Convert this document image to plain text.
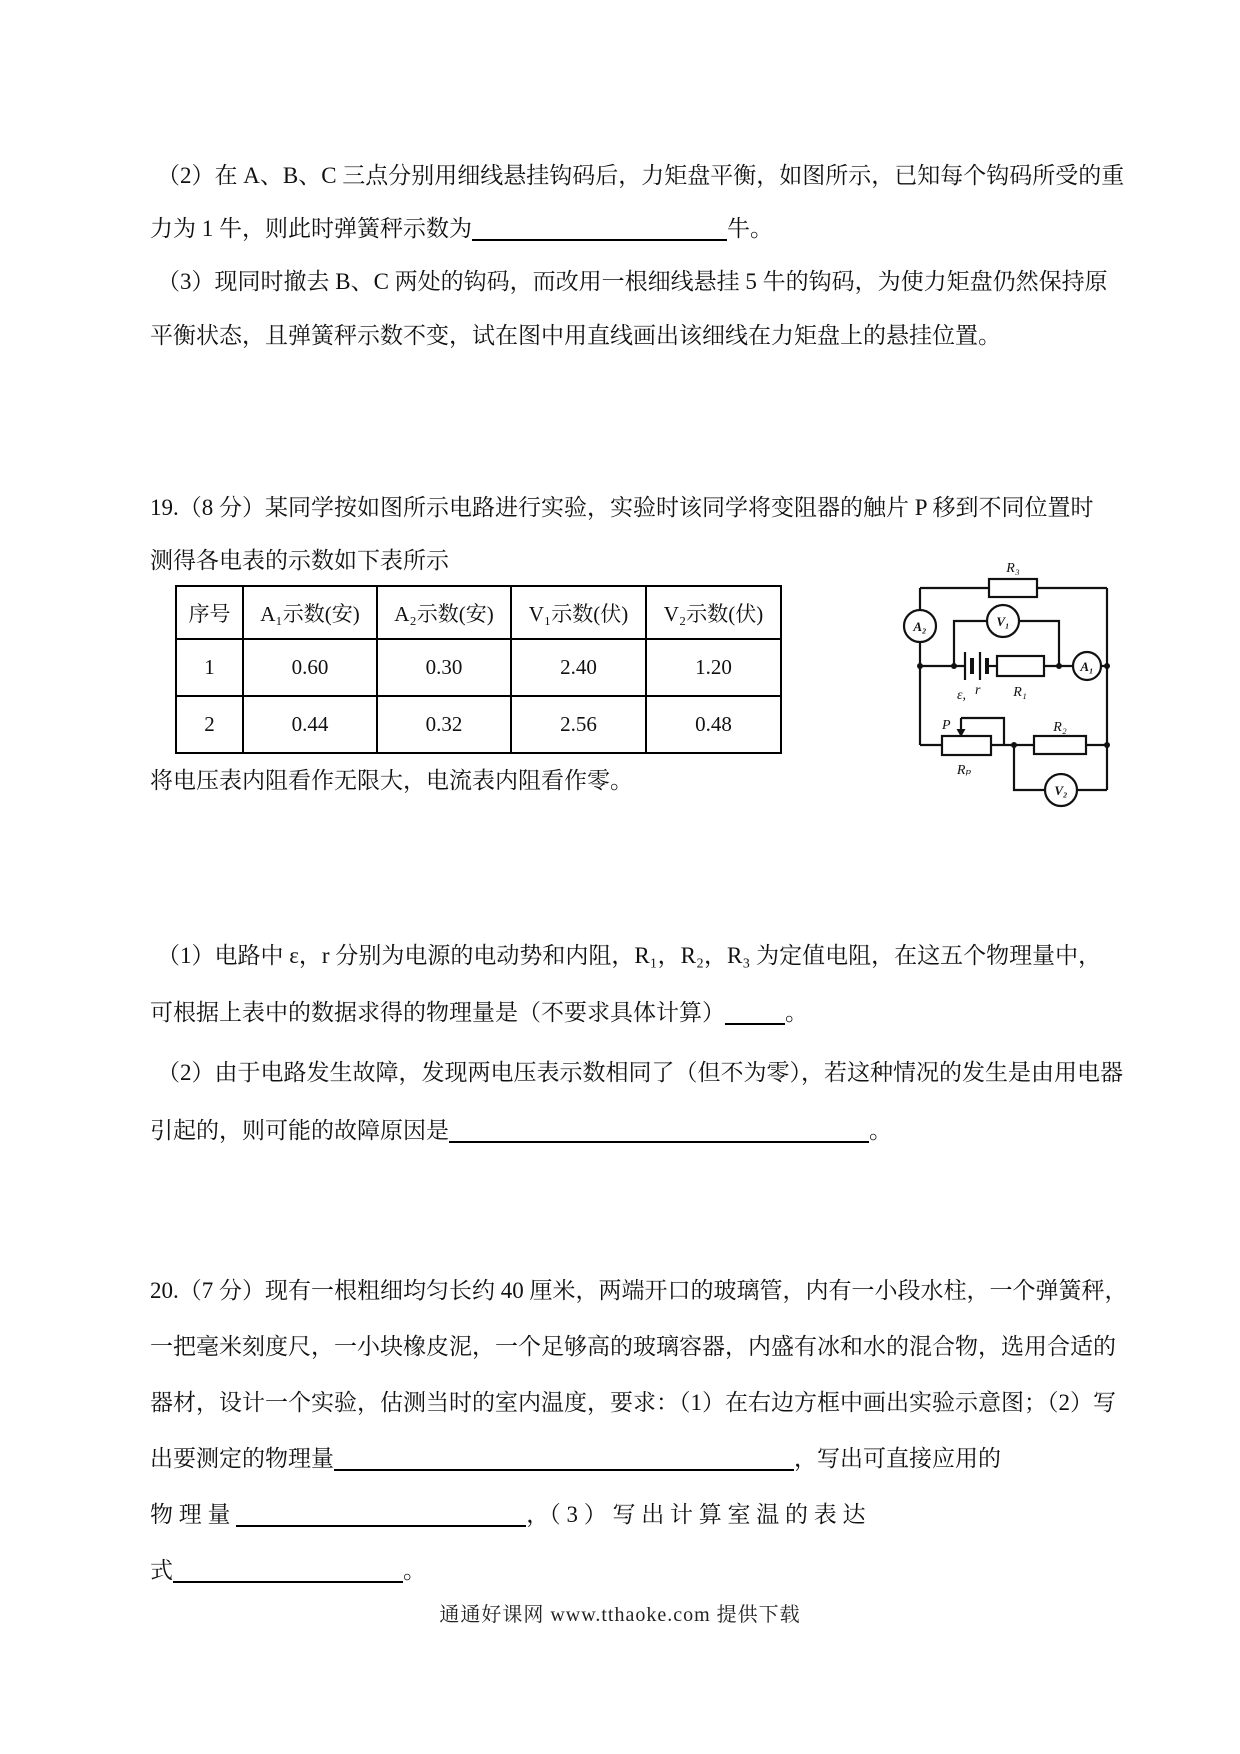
（2）在 A、B、C 三点分别用细线悬挂钩码后，力矩盘平衡，如图所示，已知每个钩码所受的重
力为 1 牛，则此时弹簧秤示数为	牛。
（3）现同时撤去 B、C 两处的钩码，而改用一根细线悬挂 5 牛的钩码，为使力矩盘仍然保持原
平衡状态，且弹簧秤示数不变，试在图中用直线画出该细线在力矩盘上的悬挂位置。
19.（8 分）某同学按如图所示电路进行实验，实验时该同学将变阻器的触片 P 移到不同位置时
测得各电表的示数如下表所示
序号	A₁示数(安)	A₂示数(安)	V₁示数(伏)	V₂示数(伏)
1	0.60	0.30	2.40	1.20
2	0.44	0.32	2.56	0.48
R₃
A₂
ε, r R₁
A₁
V₁
P
Rₚ
R₂
V₂
将电压表内阻看作无限大，电流表内阻看作零。
（1）电路中 ε，r 分别为电源的电动势和内阻，R₁，R₂，R₃ 为定值电阻，在这五个物理量中，
可根据上表中的数据求得的物理量是（不要求具体计算）	。
（2）由于电路发生故障，发现两电压表示数相同了（但不为零），若这种情况的发生是由用电器
引起的，则可能的故障原因是	。
20.（7 分）现有一根粗细均匀长约 40 厘米，两端开口的玻璃管，内有一小段水柱，一个弹簧秤，
一把毫米刻度尺，一小块橡皮泥，一个足够高的玻璃容器，内盛有冰和水的混合物，选用合适的
器材，设计一个实验，估测当时的室内温度，要求：（1）在右边方框中画出实验示意图；（2）写
出要测定的物理量	，写出可直接应用的
物 理 量	，（ 3 ） 写 出 计 算 室 温 的 表 达
式	。
通通好课网 www.tthaoke.com 提供下载
